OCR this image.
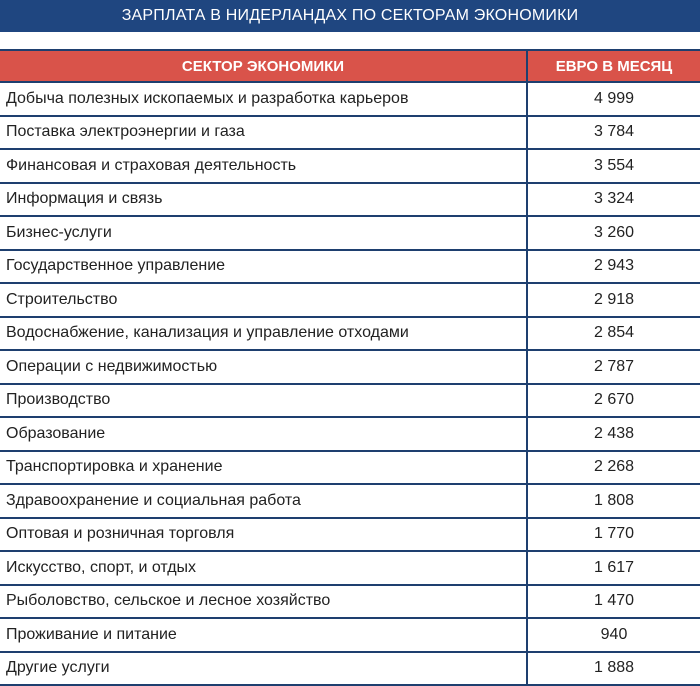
ЗАРПЛАТА В НИДЕРЛАНДАХ ПО СЕКТОРАМ ЭКОНОМИКИ
СЕКТОР ЭКОНОМИКИ	ЕВРО В МЕСЯЦ
Добыча полезных ископаемых и разработка карьеров	4 999
Поставка электроэнергии и газа	3 784
Финансовая и страховая деятельность	3 554
Информация и связь	3 324
Бизнес-услуги	3 260
Государственное управление	2 943
Строительство	2 918
Водоснабжение, канализация и управление отходами	2 854
Операции с недвижимостью	2 787
Производство	2 670
Образование	2 438
Транспортировка и хранение	2 268
Здравоохранение и социальная работа	1 808
Оптовая и розничная торговля	1 770
Искусство, спорт, и отдых	1 617
Рыболовство, сельское и лесное хозяйство	1 470
Проживание и питание	940
Другие услуги	1 888
